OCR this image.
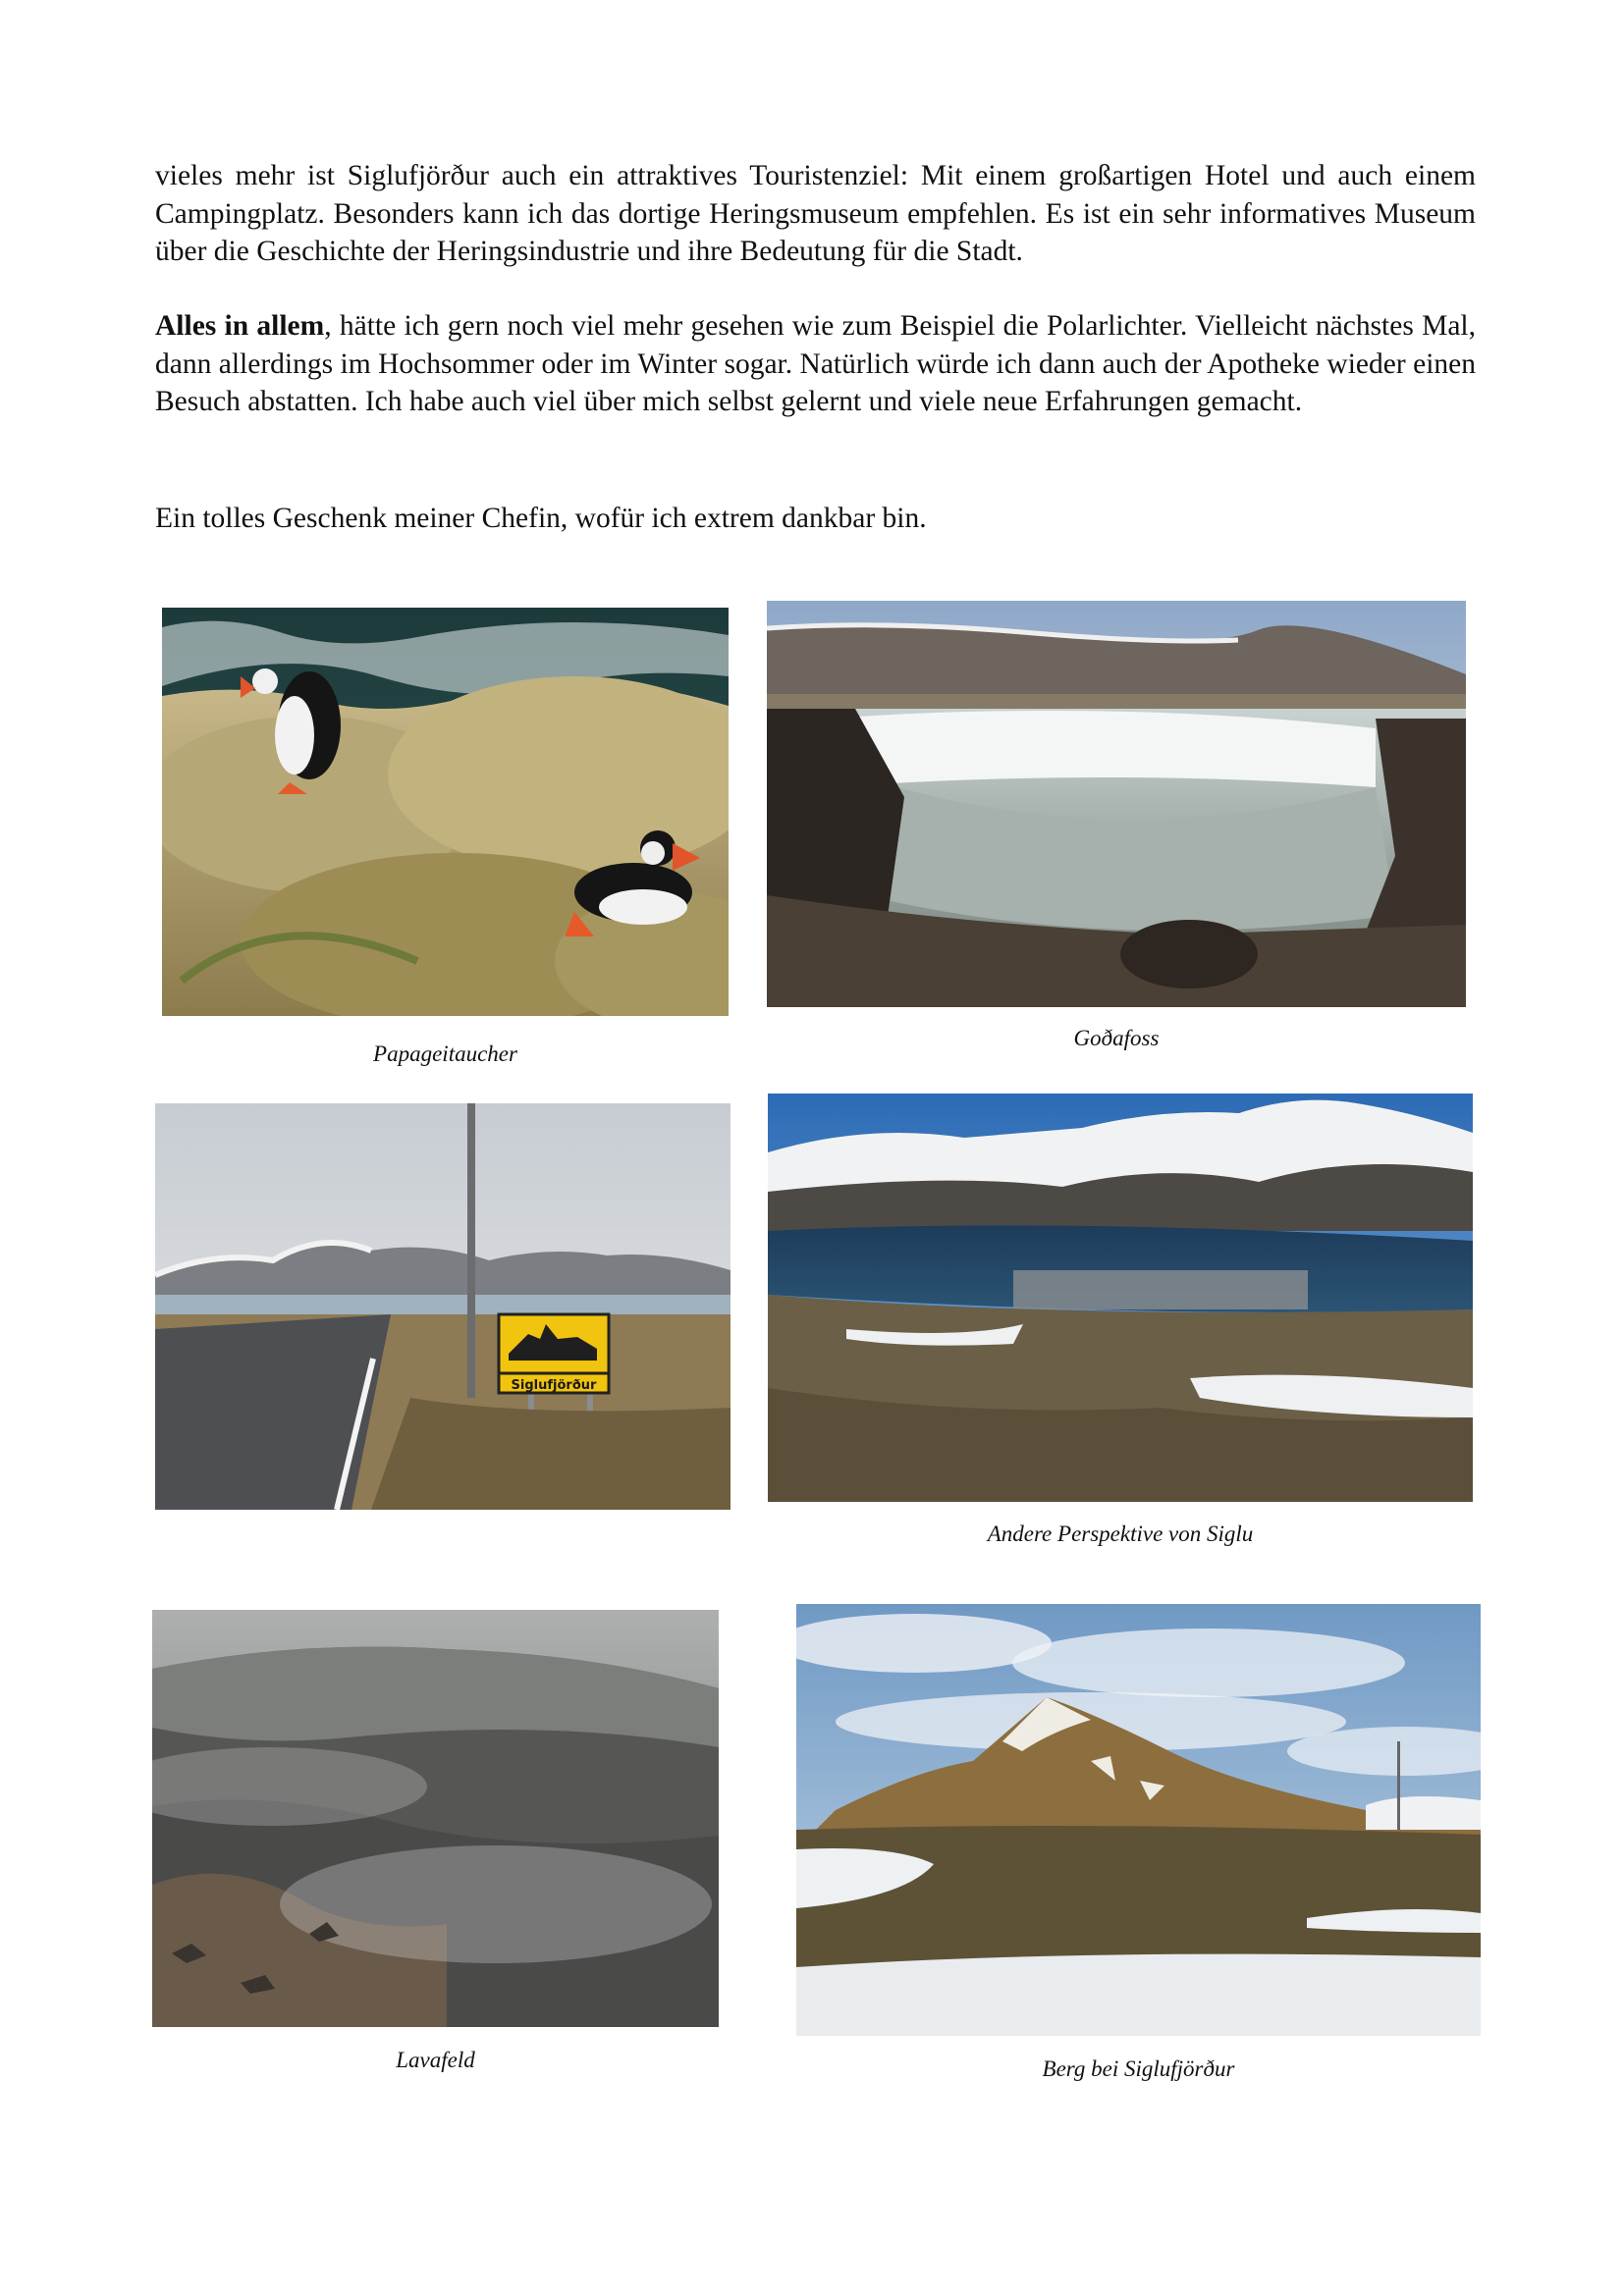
vieles mehr ist Siglufjörður auch ein attraktives Touristenziel: Mit einem großartigen Hotel und auch einem Campingplatz. Besonders kann ich das dortige Heringsmuseum empfehlen. Es ist ein sehr informatives Museum über die Geschichte der Heringsindustrie und ihre Bedeutung für die Stadt.

Alles in allem, hätte ich gern noch viel mehr gesehen wie zum Beispiel die Polarlichter. Vielleicht nächstes Mal, dann allerdings im Hochsommer oder im Winter sogar. Natürlich würde ich dann auch der Apotheke wieder einen Besuch abstatten. Ich habe auch viel über mich selbst gelernt und viele neue Erfahrungen gemacht.

Ein tolles Geschenk meiner Chefin, wofür ich extrem dankbar bin.

Papageitaucher
Goðafoss
Siglufjörður
Andere Perspektive von Siglu
Lavafeld	Berg bei Siglufjörður
